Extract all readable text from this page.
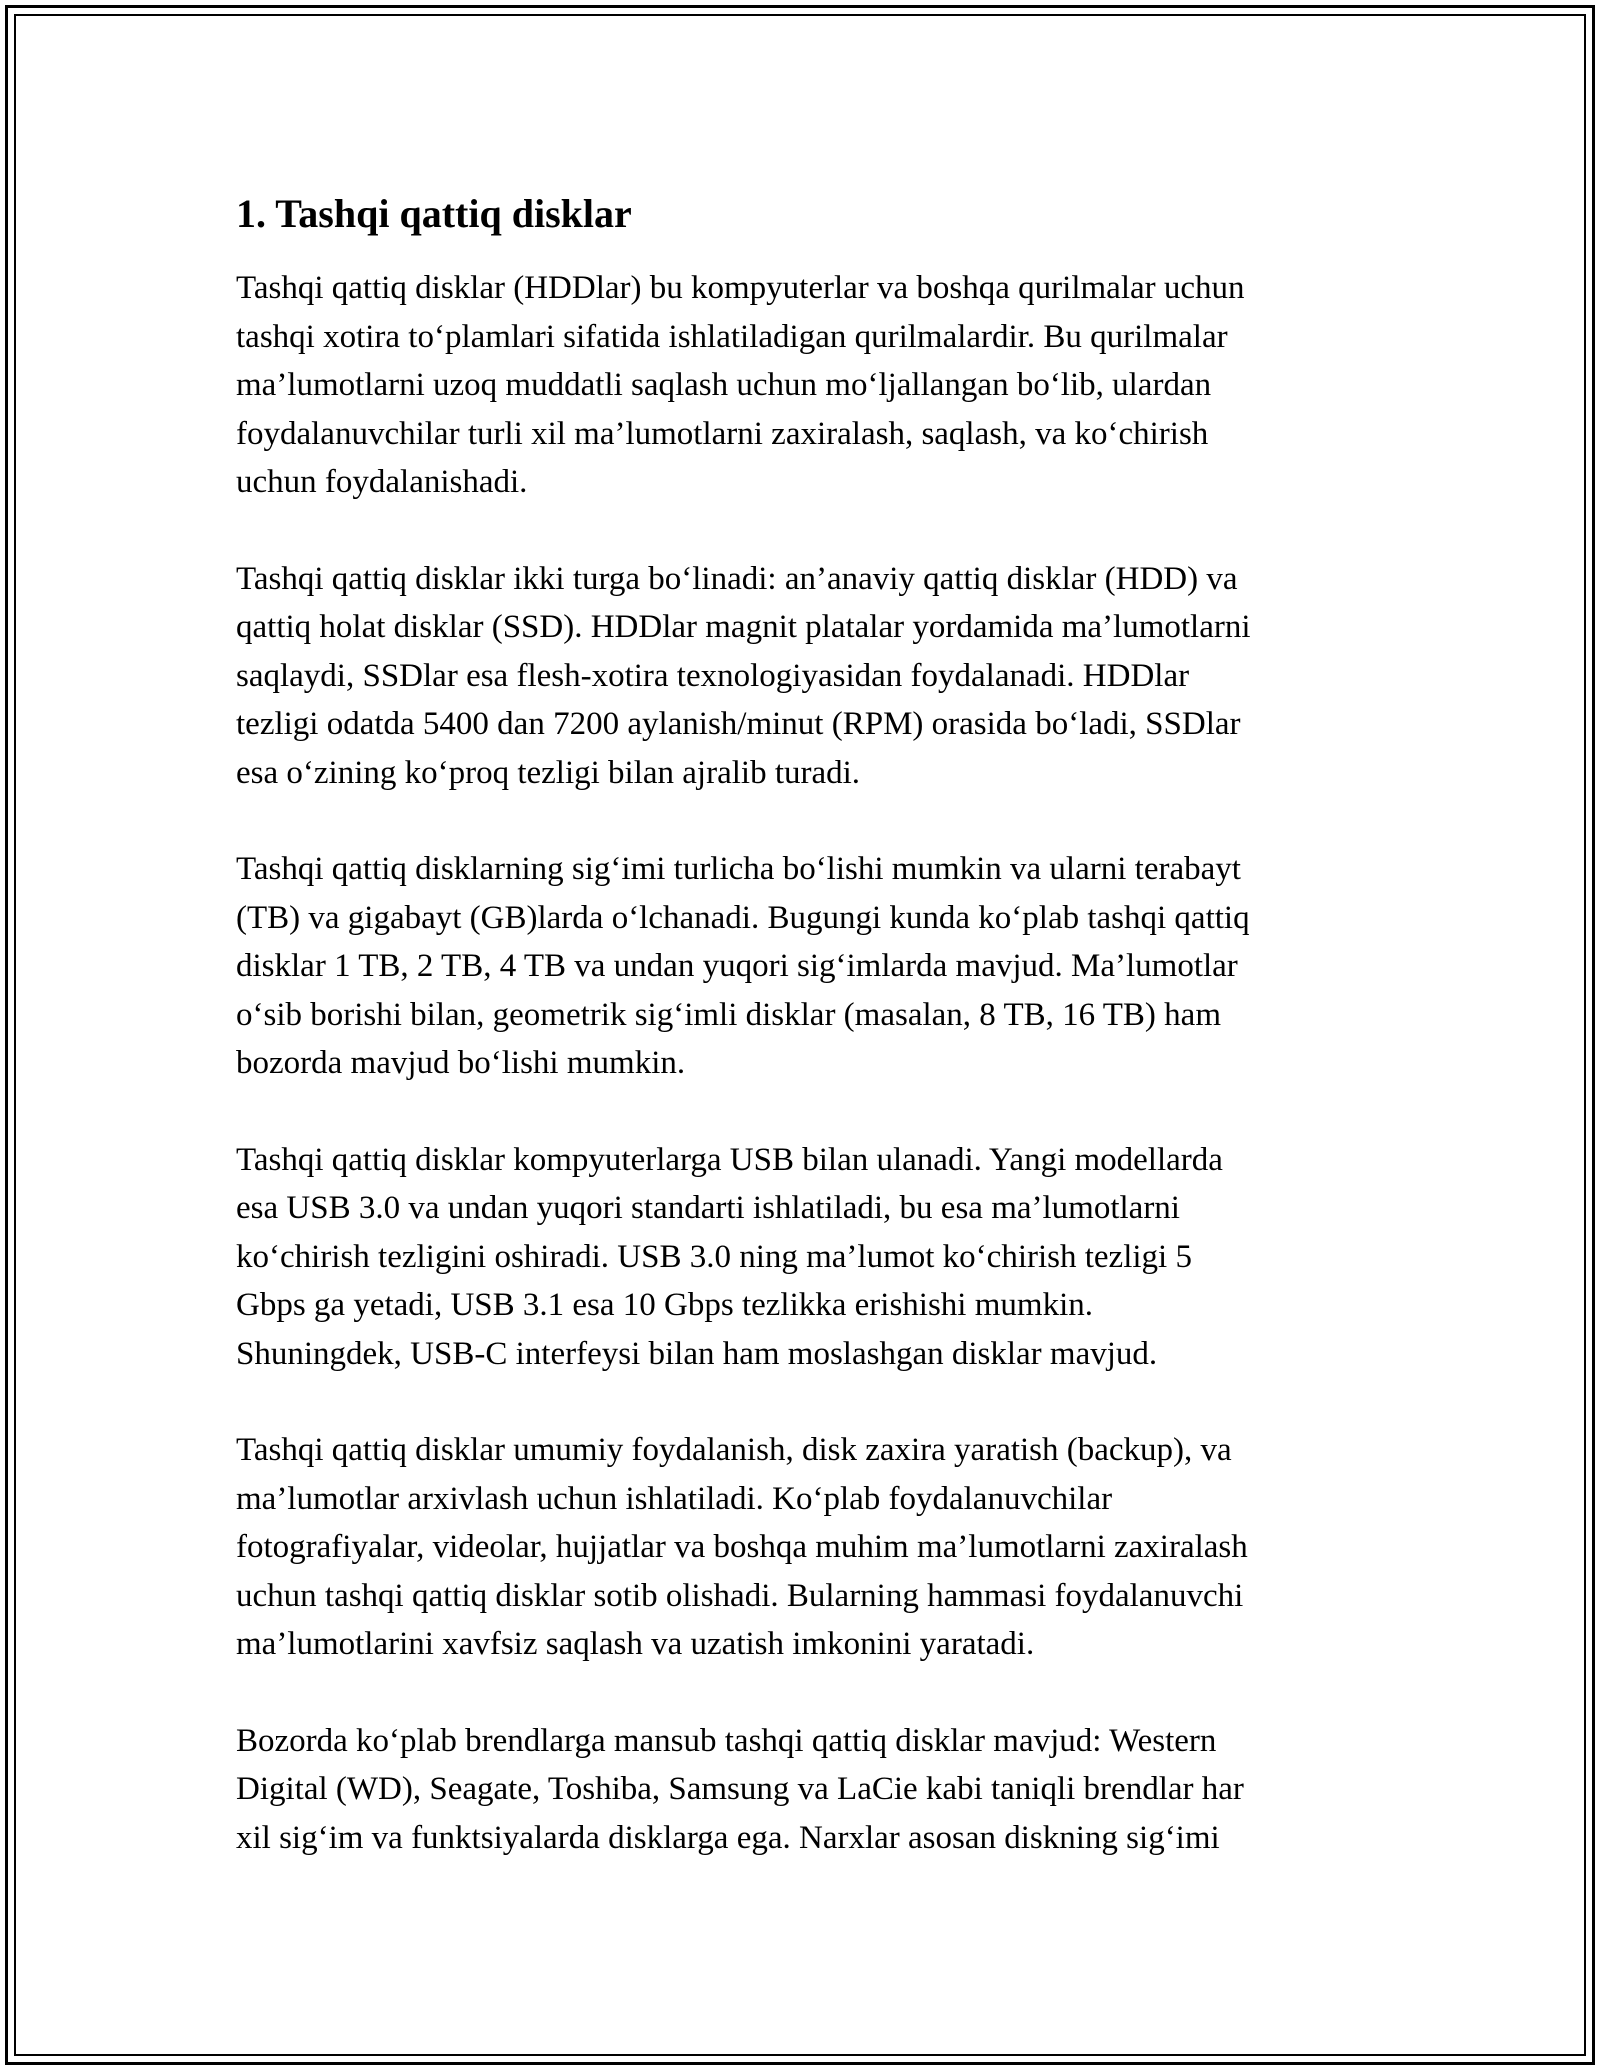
1. Tashqi qattiq disklar

Tashqi qattiq disklar (HDDlar) bu kompyuterlar va boshqa qurilmalar uchun
tashqi xotira to‘plamlari sifatida ishlatiladigan qurilmalardir. Bu qurilmalar
ma’lumotlarni uzoq muddatli saqlash uchun mo‘ljallangan bo‘lib, ulardan
foydalanuvchilar turli xil ma’lumotlarni zaxiralash, saqlash, va ko‘chirish
uchun foydalanishadi.

Tashqi qattiq disklar ikki turga bo‘linadi: an’anaviy qattiq disklar (HDD) va
qattiq holat disklar (SSD). HDDlar magnit platalar yordamida ma’lumotlarni
saqlaydi, SSDlar esa flesh-xotira texnologiyasidan foydalanadi. HDDlar
tezligi odatda 5400 dan 7200 aylanish/minut (RPM) orasida bo‘ladi, SSDlar
esa o‘zining ko‘proq tezligi bilan ajralib turadi.

Tashqi qattiq disklarning sig‘imi turlicha bo‘lishi mumkin va ularni terabayt
(TB) va gigabayt (GB)larda o‘lchanadi. Bugungi kunda ko‘plab tashqi qattiq
disklar 1 TB, 2 TB, 4 TB va undan yuqori sig‘imlarda mavjud. Ma’lumotlar
o‘sib borishi bilan, geometrik sig‘imli disklar (masalan, 8 TB, 16 TB) ham
bozorda mavjud bo‘lishi mumkin.

Tashqi qattiq disklar kompyuterlarga USB bilan ulanadi. Yangi modellarda
esa USB 3.0 va undan yuqori standarti ishlatiladi, bu esa ma’lumotlarni
ko‘chirish tezligini oshiradi. USB 3.0 ning ma’lumot ko‘chirish tezligi 5
Gbps ga yetadi, USB 3.1 esa 10 Gbps tezlikka erishishi mumkin.
Shuningdek, USB-C interfeysi bilan ham moslashgan disklar mavjud.

Tashqi qattiq disklar umumiy foydalanish, disk zaxira yaratish (backup), va
ma’lumotlar arxivlash uchun ishlatiladi. Ko‘plab foydalanuvchilar
fotografiyalar, videolar, hujjatlar va boshqa muhim ma’lumotlarni zaxiralash
uchun tashqi qattiq disklar sotib olishadi. Bularning hammasi foydalanuvchi
ma’lumotlarini xavfsiz saqlash va uzatish imkonini yaratadi.

Bozorda ko‘plab brendlarga mansub tashqi qattiq disklar mavjud: Western
Digital (WD), Seagate, Toshiba, Samsung va LaCie kabi taniqli brendlar har
xil sig‘im va funktsiyalarda disklarga ega. Narxlar asosan diskning sig‘imi
